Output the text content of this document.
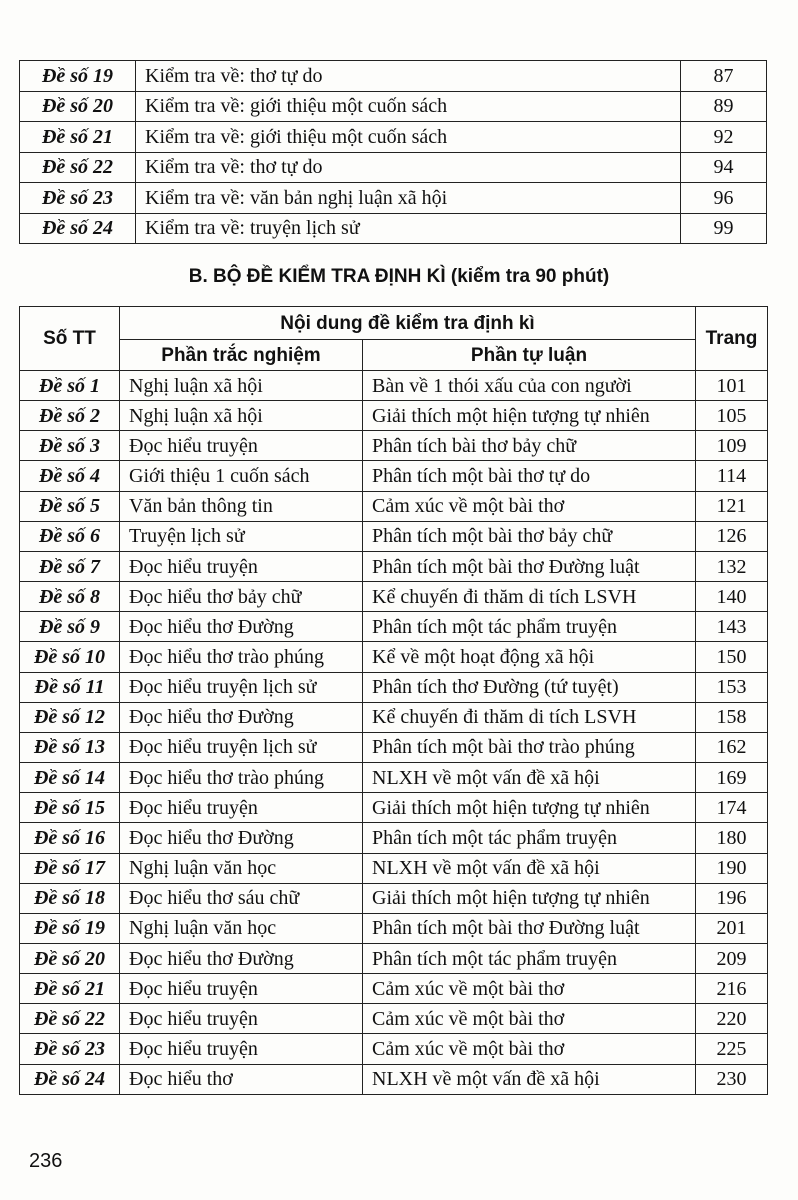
Đề số 19	Kiểm tra về: thơ tự do	87
Đề số 20	Kiểm tra về: giới thiệu một cuốn sách	89
Đề số 21	Kiểm tra về: giới thiệu một cuốn sách	92
Đề số 22	Kiểm tra về: thơ tự do	94
Đề số 23	Kiểm tra về: văn bản nghị luận xã hội	96
Đề số 24	Kiểm tra về: truyện lịch sử	99
B. BỘ ĐỀ KIỂM TRA ĐỊNH KÌ (kiểm tra 90 phút)
Số TT	Nội dung đề kiểm tra định kì		Trang
	Phần trắc nghiệm	Phần tự luận	
Đề số 1	Nghị luận xã hội	Bàn về 1 thói xấu của con người	101
Đề số 2	Nghị luận xã hội	Giải thích một hiện tượng tự nhiên	105
Đề số 3	Đọc hiểu truyện	Phân tích bài thơ bảy chữ	109
Đề số 4	Giới thiệu 1 cuốn sách	Phân tích một bài thơ tự do	114
Đề số 5	Văn bản thông tin	Cảm xúc về một bài thơ	121
Đề số 6	Truyện lịch sử	Phân tích một bài thơ bảy chữ	126
Đề số 7	Đọc hiểu truyện	Phân tích một bài thơ Đường luật	132
Đề số 8	Đọc hiểu thơ bảy chữ	Kể chuyến đi thăm di tích LSVH	140
Đề số 9	Đọc hiểu thơ Đường	Phân tích một tác phẩm truyện	143
Đề số 10	Đọc hiểu thơ trào phúng	Kể về một hoạt động xã hội	150
Đề số 11	Đọc hiểu truyện lịch sử	Phân tích thơ Đường (tứ tuyệt)	153
Đề số 12	Đọc hiểu thơ Đường	Kể chuyến đi thăm di tích LSVH	158
Đề số 13	Đọc hiểu truyện lịch sử	Phân tích một bài thơ trào phúng	162
Đề số 14	Đọc hiểu thơ trào phúng	NLXH về một vấn đề xã hội	169
Đề số 15	Đọc hiểu truyện	Giải thích một hiện tượng tự nhiên	174
Đề số 16	Đọc hiểu thơ Đường	Phân tích một tác phẩm truyện	180
Đề số 17	Nghị luận văn học	NLXH về một vấn đề xã hội	190
Đề số 18	Đọc hiểu thơ sáu chữ	Giải thích một hiện tượng tự nhiên	196
Đề số 19	Nghị luận văn học	Phân tích một bài thơ Đường luật	201
Đề số 20	Đọc hiểu thơ Đường	Phân tích một tác phẩm truyện	209
Đề số 21	Đọc hiểu truyện	Cảm xúc về một bài thơ	216
Đề số 22	Đọc hiểu truyện	Cảm xúc về một bài thơ	220
Đề số 23	Đọc hiểu truyện	Cảm xúc về một bài thơ	225
Đề số 24	Đọc hiểu thơ	NLXH về một vấn đề xã hội	230
236
